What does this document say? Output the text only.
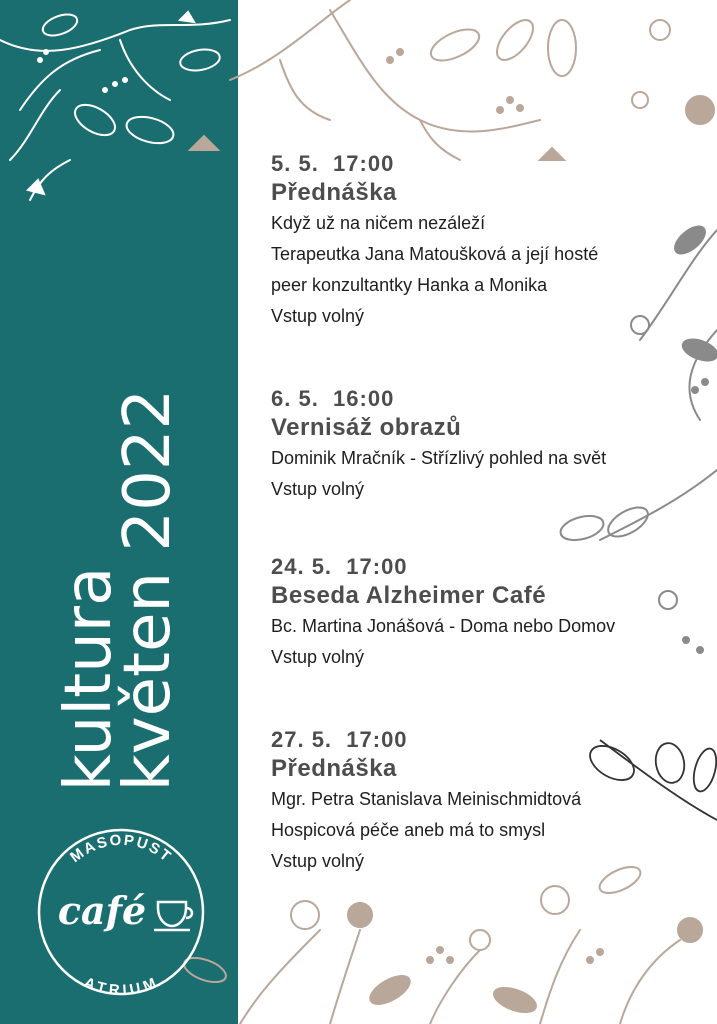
kultura
květen 2022
MASOPUST
ATRIUM
café
5. 5.  17:00
Přednáška
Když už na ničem nezáleží
Terapeutka Jana Matoušková a její hosté
peer konzultantky Hanka a Monika
Vstup volný
6. 5.  16:00
Vernisáž obrazů
Dominik Mračník - Střízlivý pohled na svět
Vstup volný
24. 5.  17:00
Beseda Alzheimer Café
Bc. Martina Jonášová - Doma nebo Domov
Vstup volný
27. 5.  17:00
Přednáška
Mgr. Petra Stanislava Meinischmidtová
Hospicová péče aneb má to smysl
Vstup volný
